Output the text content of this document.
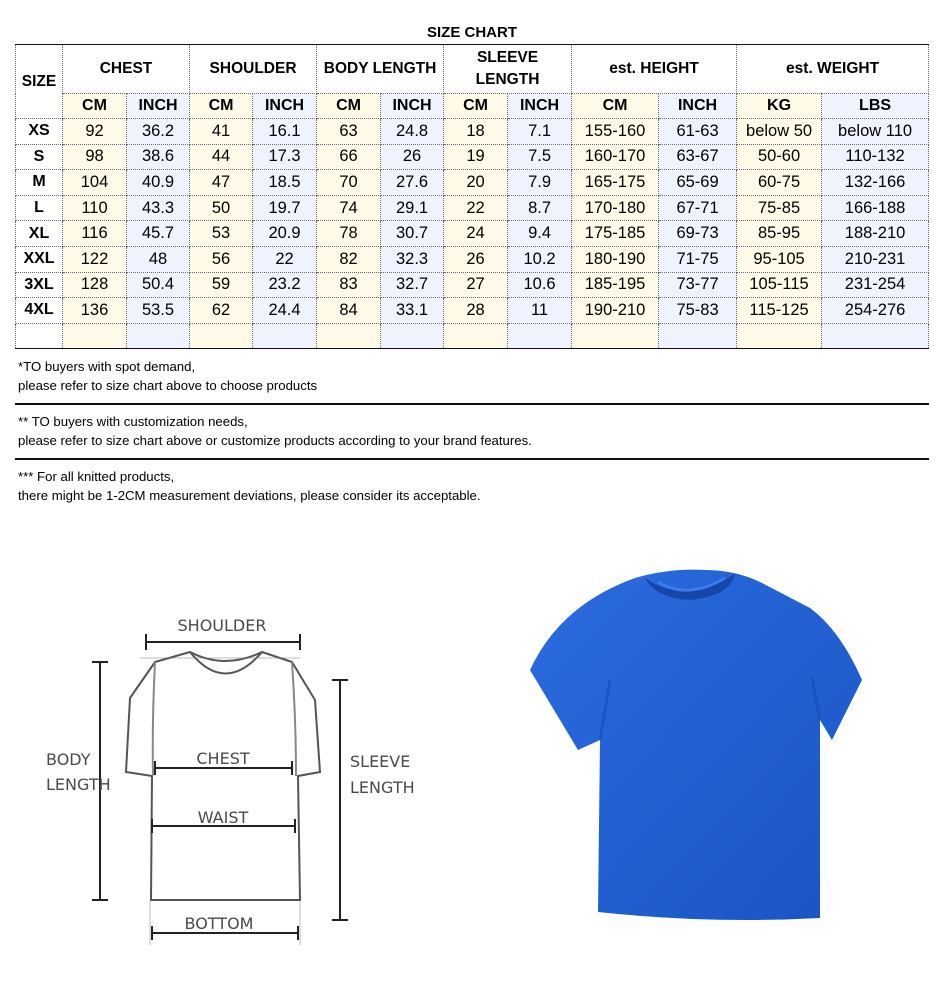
SIZE CHART
SIZE	CHEST		SHOULDER		BODY LENGTH		SLEEVE LENGTH		est. HEIGHT		est. WEIGHT	
	CM	INCH	CM	INCH	CM	INCH	CM	INCH	CM	INCH	KG	LBS
XS	92	36.2	41	16.1	63	24.8	18	7.1	155-160	61-63	below 50	below 110
S	98	38.6	44	17.3	66	26	19	7.5	160-170	63-67	50-60	110-132
M	104	40.9	47	18.5	70	27.6	20	7.9	165-175	65-69	60-75	132-166
L	110	43.3	50	19.7	74	29.1	22	8.7	170-180	67-71	75-85	166-188
XL	116	45.7	53	20.9	78	30.7	24	9.4	175-185	69-73	85-95	188-210
XXL	122	48	56	22	82	32.3	26	10.2	180-190	71-75	95-105	210-231
3XL	128	50.4	59	23.2	83	32.7	27	10.6	185-195	73-77	105-115	231-254
4XL	136	53.5	62	24.4	84	33.1	28	11	190-210	75-83	115-125	254-276

*TO buyers with spot demand,
please refer to size chart above to choose products
** TO buyers with customization needs,
please refer to size chart above or customize products according to your brand features.
*** For all knitted products,
there might be 1-2CM measurement deviations, please consider its acceptable.
SHOULDER
BODY
LENGTH
CHEST
WAIST
SLEEVE
LENGTH
BOTTOM
